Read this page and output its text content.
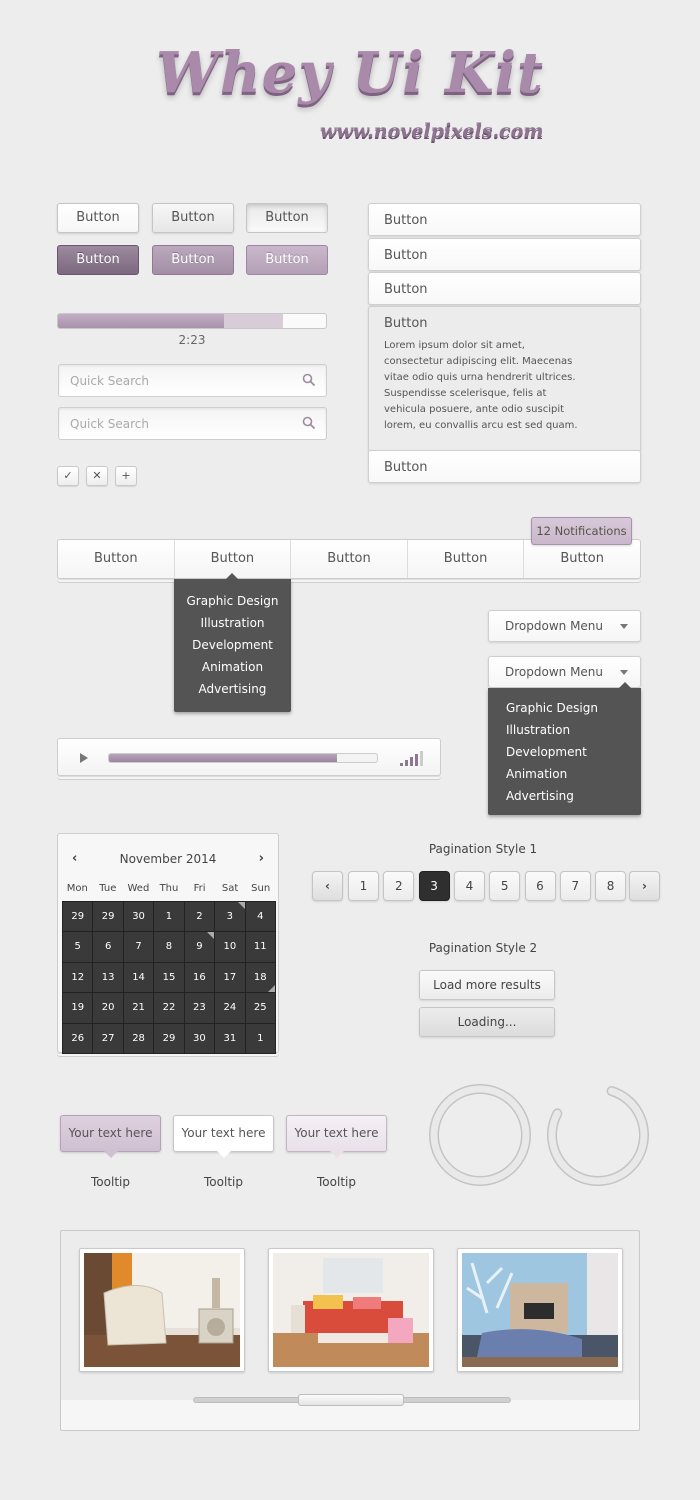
Whey Ui Kit
www.novelpixels.com
Button	Button	Button
Button	Button	Button
2:23
Quick Search
Quick Search
✓	✕	+
Button
Button
Button
Button
Lorem ipsum dolor sit amet, consectetur adipiscing elit. Maecenas vitae odio quis urna hendrerit ultrices. Suspendisse scelerisque, felis at vehicula posuere, ante odio suscipit lorem, eu convallis arcu est sed quam.
Button
Button	Button	Button	Button	Button
12 Notifications
Graphic Design
Illustration
Development
Animation
Advertising
Dropdown Menu
Dropdown Menu
Graphic Design
Illustration
Development
Animation
Advertising
‹	November 2014	›
Mon	Tue	Wed	Thu	Fri	Sat	Sun
29	29	30	1	2	3	4
5	6	7	8	9	10	11
12	13	14	15	16	17	18
19	20	21	22	23	24	25
26	27	28	29	30	31	1
Pagination Style 1
‹	1	2	3	4	5	6	7	8	›
Pagination Style 2
Load more results
Loading...
Your text here	Your text here	Your text here
Tooltip	Tooltip	Tooltip
